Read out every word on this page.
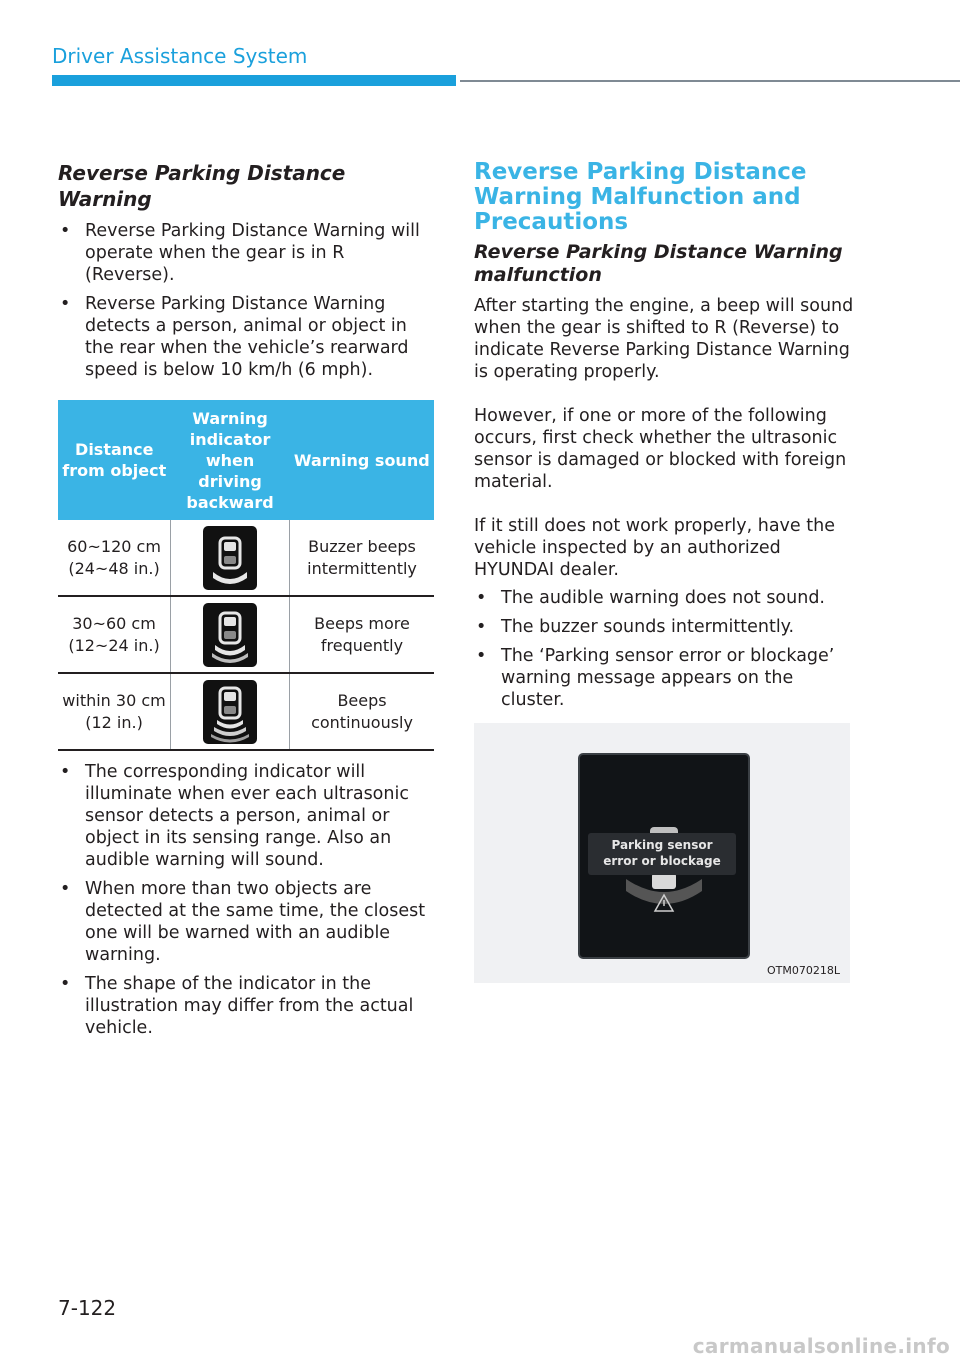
Driver Assistance System
Reverse Parking Distance Warning
• Reverse Parking Distance Warning will operate when the gear is in R (Reverse).
• Reverse Parking Distance Warning detects a person, animal or object in the rear when the vehicle’s rearward speed is below 10 km/h (6 mph).
Distance from object	Warning indicator when driving backward	Warning sound
60~120 cm (24~48 in.)		Buzzer beeps intermittently
30~60 cm (12~24 in.)		Beeps more frequently
within 30 cm (12 in.)		Beeps continuously
• The corresponding indicator will illuminate when ever each ultrasonic sensor detects a person, animal or object in its sensing range. Also an audible warning will sound.
• When more than two objects are detected at the same time, the closest one will be warned with an audible warning.
• The shape of the indicator in the illustration may differ from the actual vehicle.
Reverse Parking Distance Warning Malfunction and Precautions
Reverse Parking Distance Warning malfunction

After starting the engine, a beep will sound when the gear is shifted to R (Reverse) to indicate Reverse Parking Distance Warning is operating properly.

However, if one or more of the following occurs, first check whether the ultrasonic sensor is damaged or blocked with foreign material.

If it still does not work properly, have the vehicle inspected by an authorized HYUNDAI dealer.

• The audible warning does not sound.
• The buzzer sounds intermittently.
• The ‘Parking sensor error or blockage’ warning message appears on the cluster.
Parking sensor
error or blockage
OTM070218L
7-122
carmanualsonline.info
